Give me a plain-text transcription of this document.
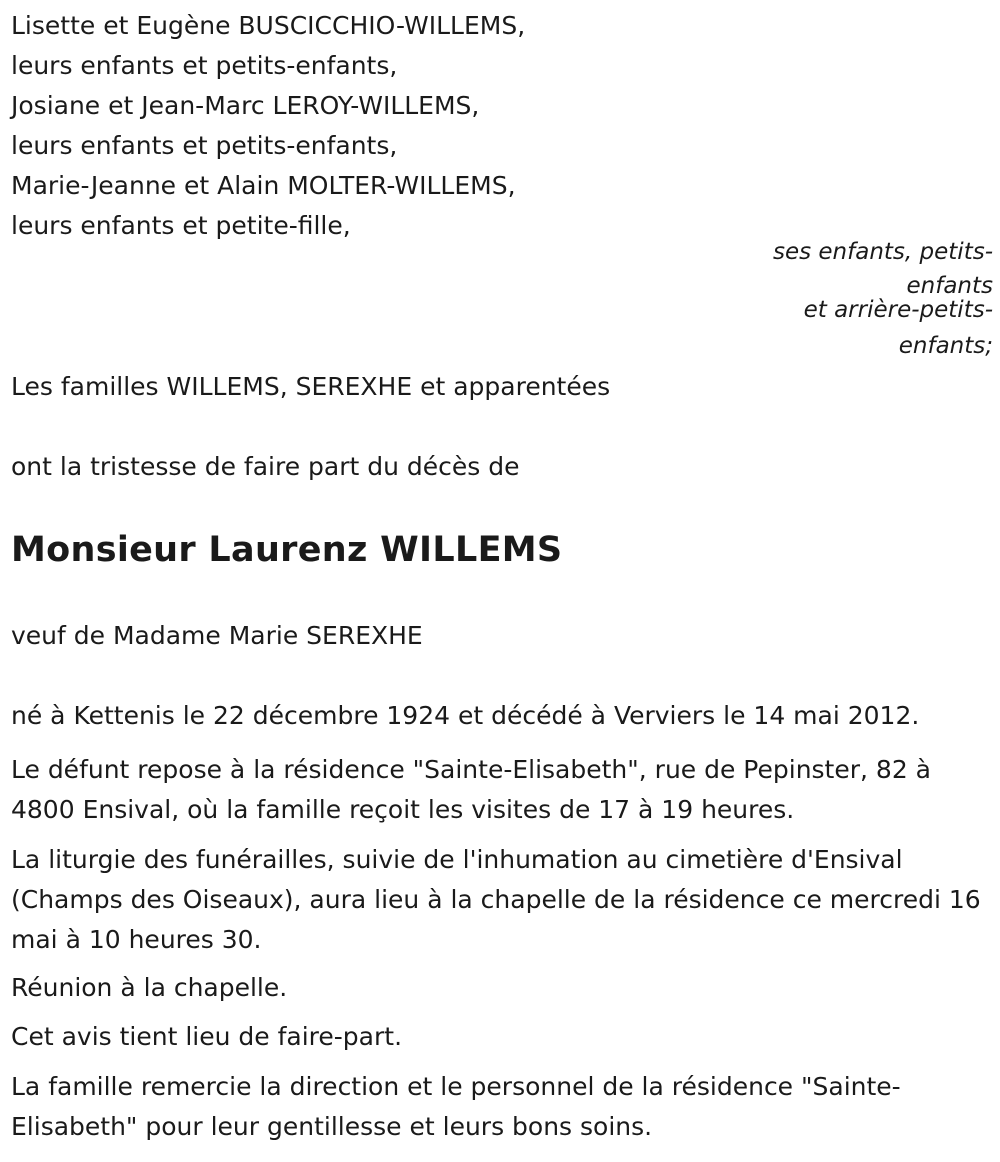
Lisette et Eugène BUSCICCHIO-WILLEMS,
leurs enfants et petits-enfants,
Josiane et Jean-Marc LEROY-WILLEMS,
leurs enfants et petits-enfants,
Marie-Jeanne et Alain MOLTER-WILLEMS,
leurs enfants et petite-fille,
ses enfants, petits-
enfants
et arrière-petits-
enfants;
Les familles WILLEMS, SEREXHE et apparentées
ont la tristesse de faire part du décès de
Monsieur Laurenz WILLEMS
veuf de Madame Marie SEREXHE
né à Kettenis le 22 décembre 1924 et décédé à Verviers le 14 mai 2012.
Le défunt repose à la résidence "Sainte-Elisabeth", rue de Pepinster, 82 à 4800 Ensival, où la famille reçoit les visites de 17 à 19 heures.
La liturgie des funérailles, suivie de l'inhumation au cimetière d'Ensival (Champs des Oiseaux), aura lieu à la chapelle de la résidence ce mercredi 16 mai à 10 heures 30.
Réunion à la chapelle.
Cet avis tient lieu de faire-part.
La famille remercie la direction et le personnel de la résidence "Sainte-Elisabeth" pour leur gentillesse et leurs bons soins.
